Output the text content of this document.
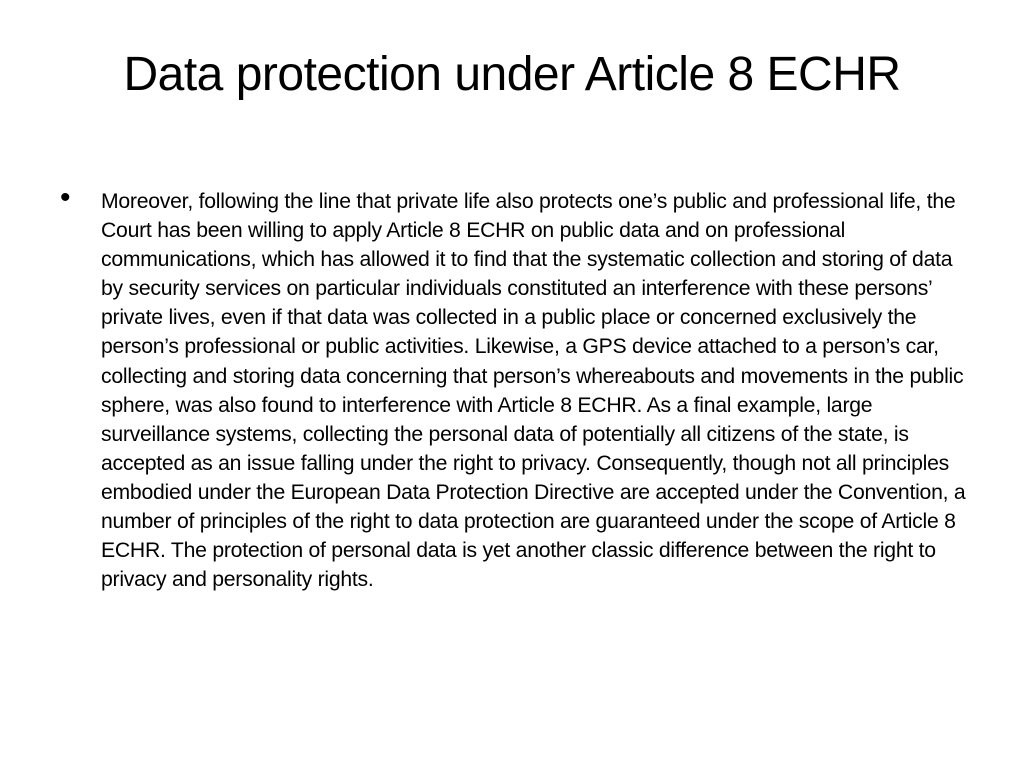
Data protection under Article 8 ECHR
• Moreover, following the line that private life also protects one’s public and professional life, the Court has been willing to apply Article 8 ECHR on public data and on professional communications, which has allowed it to find that the systematic collection and storing of data by security services on particular individuals constituted an interference with these persons’ private lives, even if that data was collected in a public place or concerned exclusively the person’s professional or public activities. Likewise, a GPS device attached to a person’s car, collecting and storing data concerning that person’s whereabouts and movements in the public sphere, was also found to interference with Article 8 ECHR. As a final example, large surveillance systems, collecting the personal data of potentially all citizens of the state, is accepted as an issue falling under the right to privacy. Consequently, though not all principles embodied under the European Data Protection Directive are accepted under the Convention, a number of principles of the right to data protection are guaranteed under the scope of Article 8 ECHR. The protection of personal data is yet another classic difference between the right to privacy and personality rights.
